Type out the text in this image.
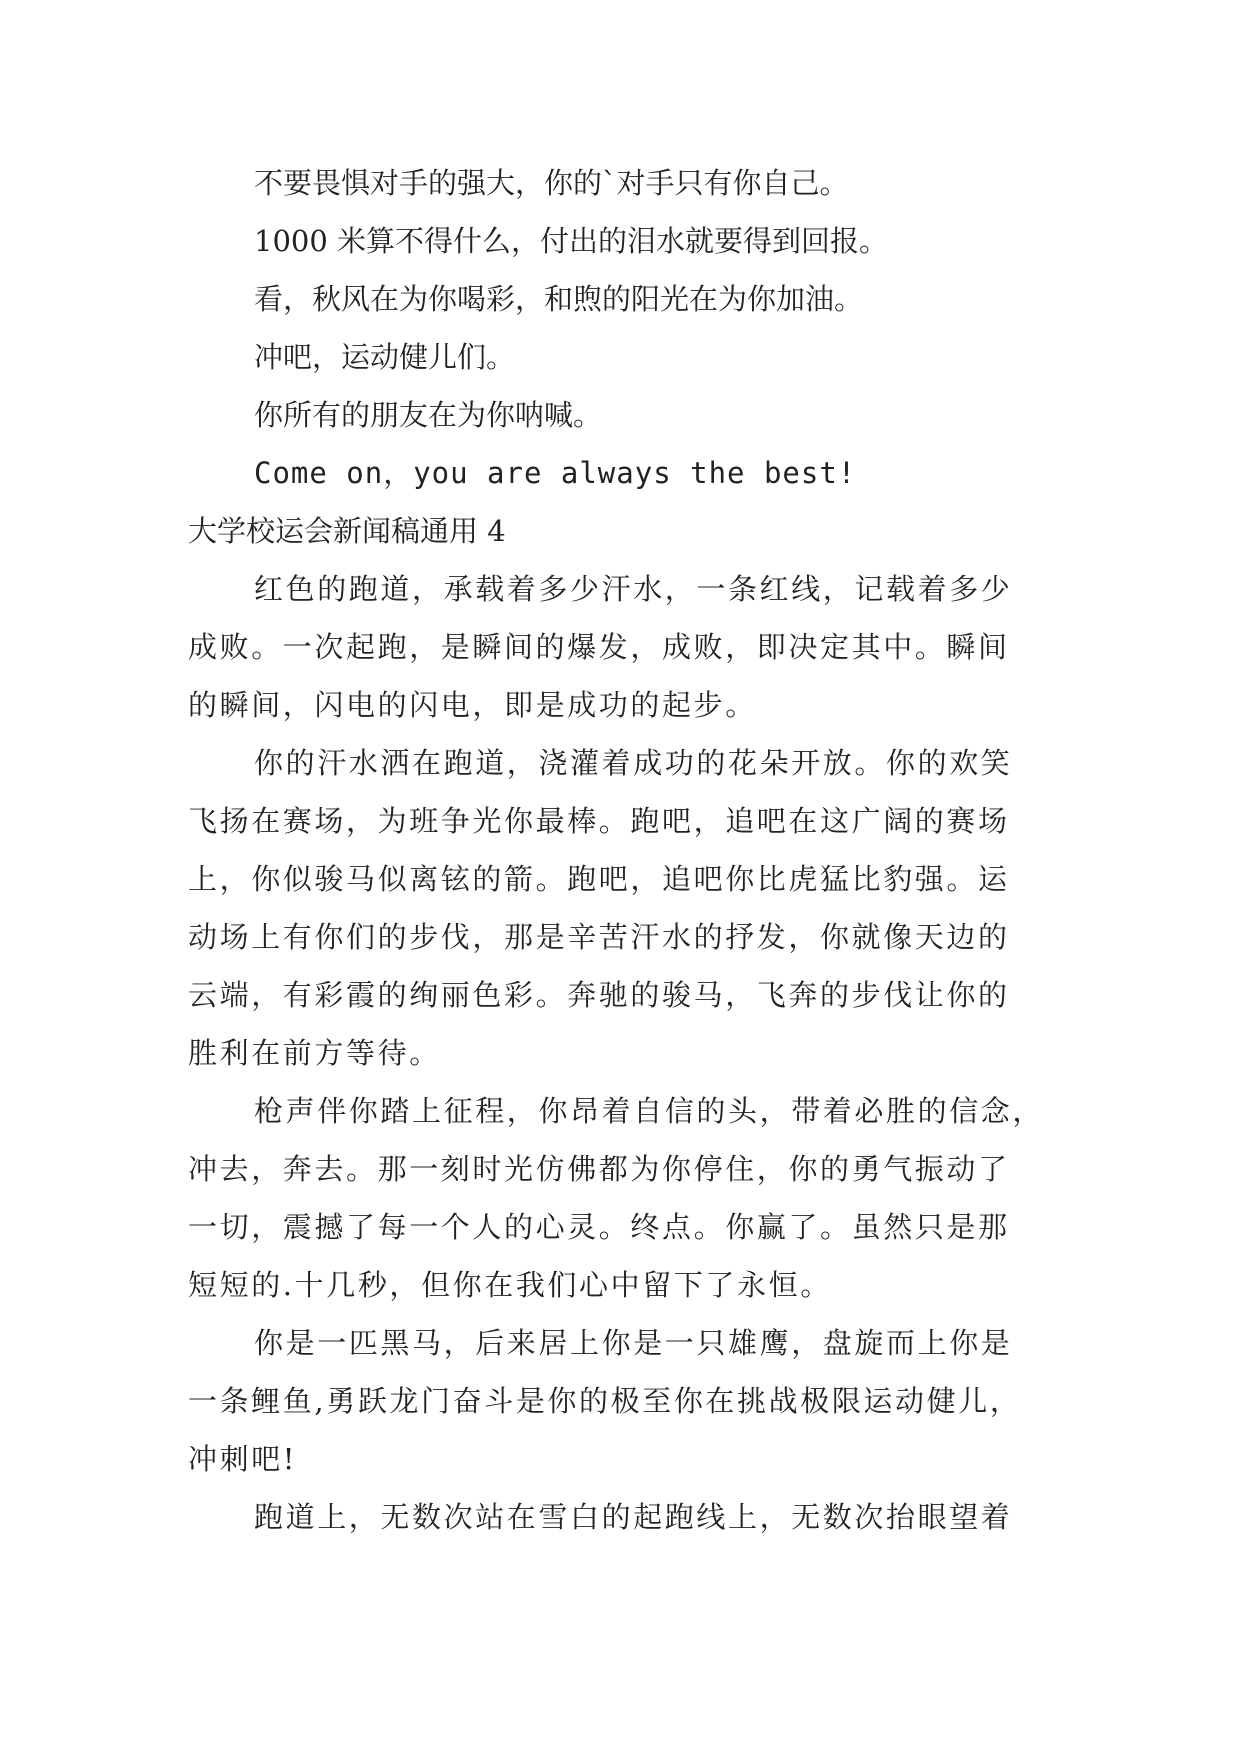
不要畏惧对手的强大，你的`对手只有你自己。
1000 米算不得什么，付出的泪水就要得到回报。
看，秋风在为你喝彩，和煦的阳光在为你加油。
冲吧，运动健儿们。
你所有的朋友在为你呐喊。
Come on，you are always the best!
大学校运会新闻稿通用 4

红色的跑道，承载着多少汗水，一条红线，记载着多少

成败。一次起跑，是瞬间的爆发，成败，即决定其中。瞬间

的瞬间，闪电的闪电，即是成功的起步。

你的汗水洒在跑道，浇灌着成功的花朵开放。你的欢笑

飞扬在赛场，为班争光你最棒。跑吧，追吧在这广阔的赛场

上，你似骏马似离铉的箭。跑吧，追吧你比虎猛比豹强。运

动场上有你们的步伐，那是辛苦汗水的抒发，你就像天边的

云端，有彩霞的绚丽色彩。奔驰的骏马，飞奔的步伐让你的

胜利在前方等待。

枪声伴你踏上征程，你昂着自信的头，带着必胜的信念，

冲去，奔去。那一刻时光仿佛都为你停住，你的勇气振动了

一切，震撼了每一个人的心灵。终点。你赢了。虽然只是那

短短的.十几秒，但你在我们心中留下了永恒。

你是一匹黑马，后来居上你是一只雄鹰，盘旋而上你是

一条鲤鱼,勇跃龙门奋斗是你的极至你在挑战极限运动健儿，

冲刺吧!

跑道上，无数次站在雪白的起跑线上，无数次抬眼望着
